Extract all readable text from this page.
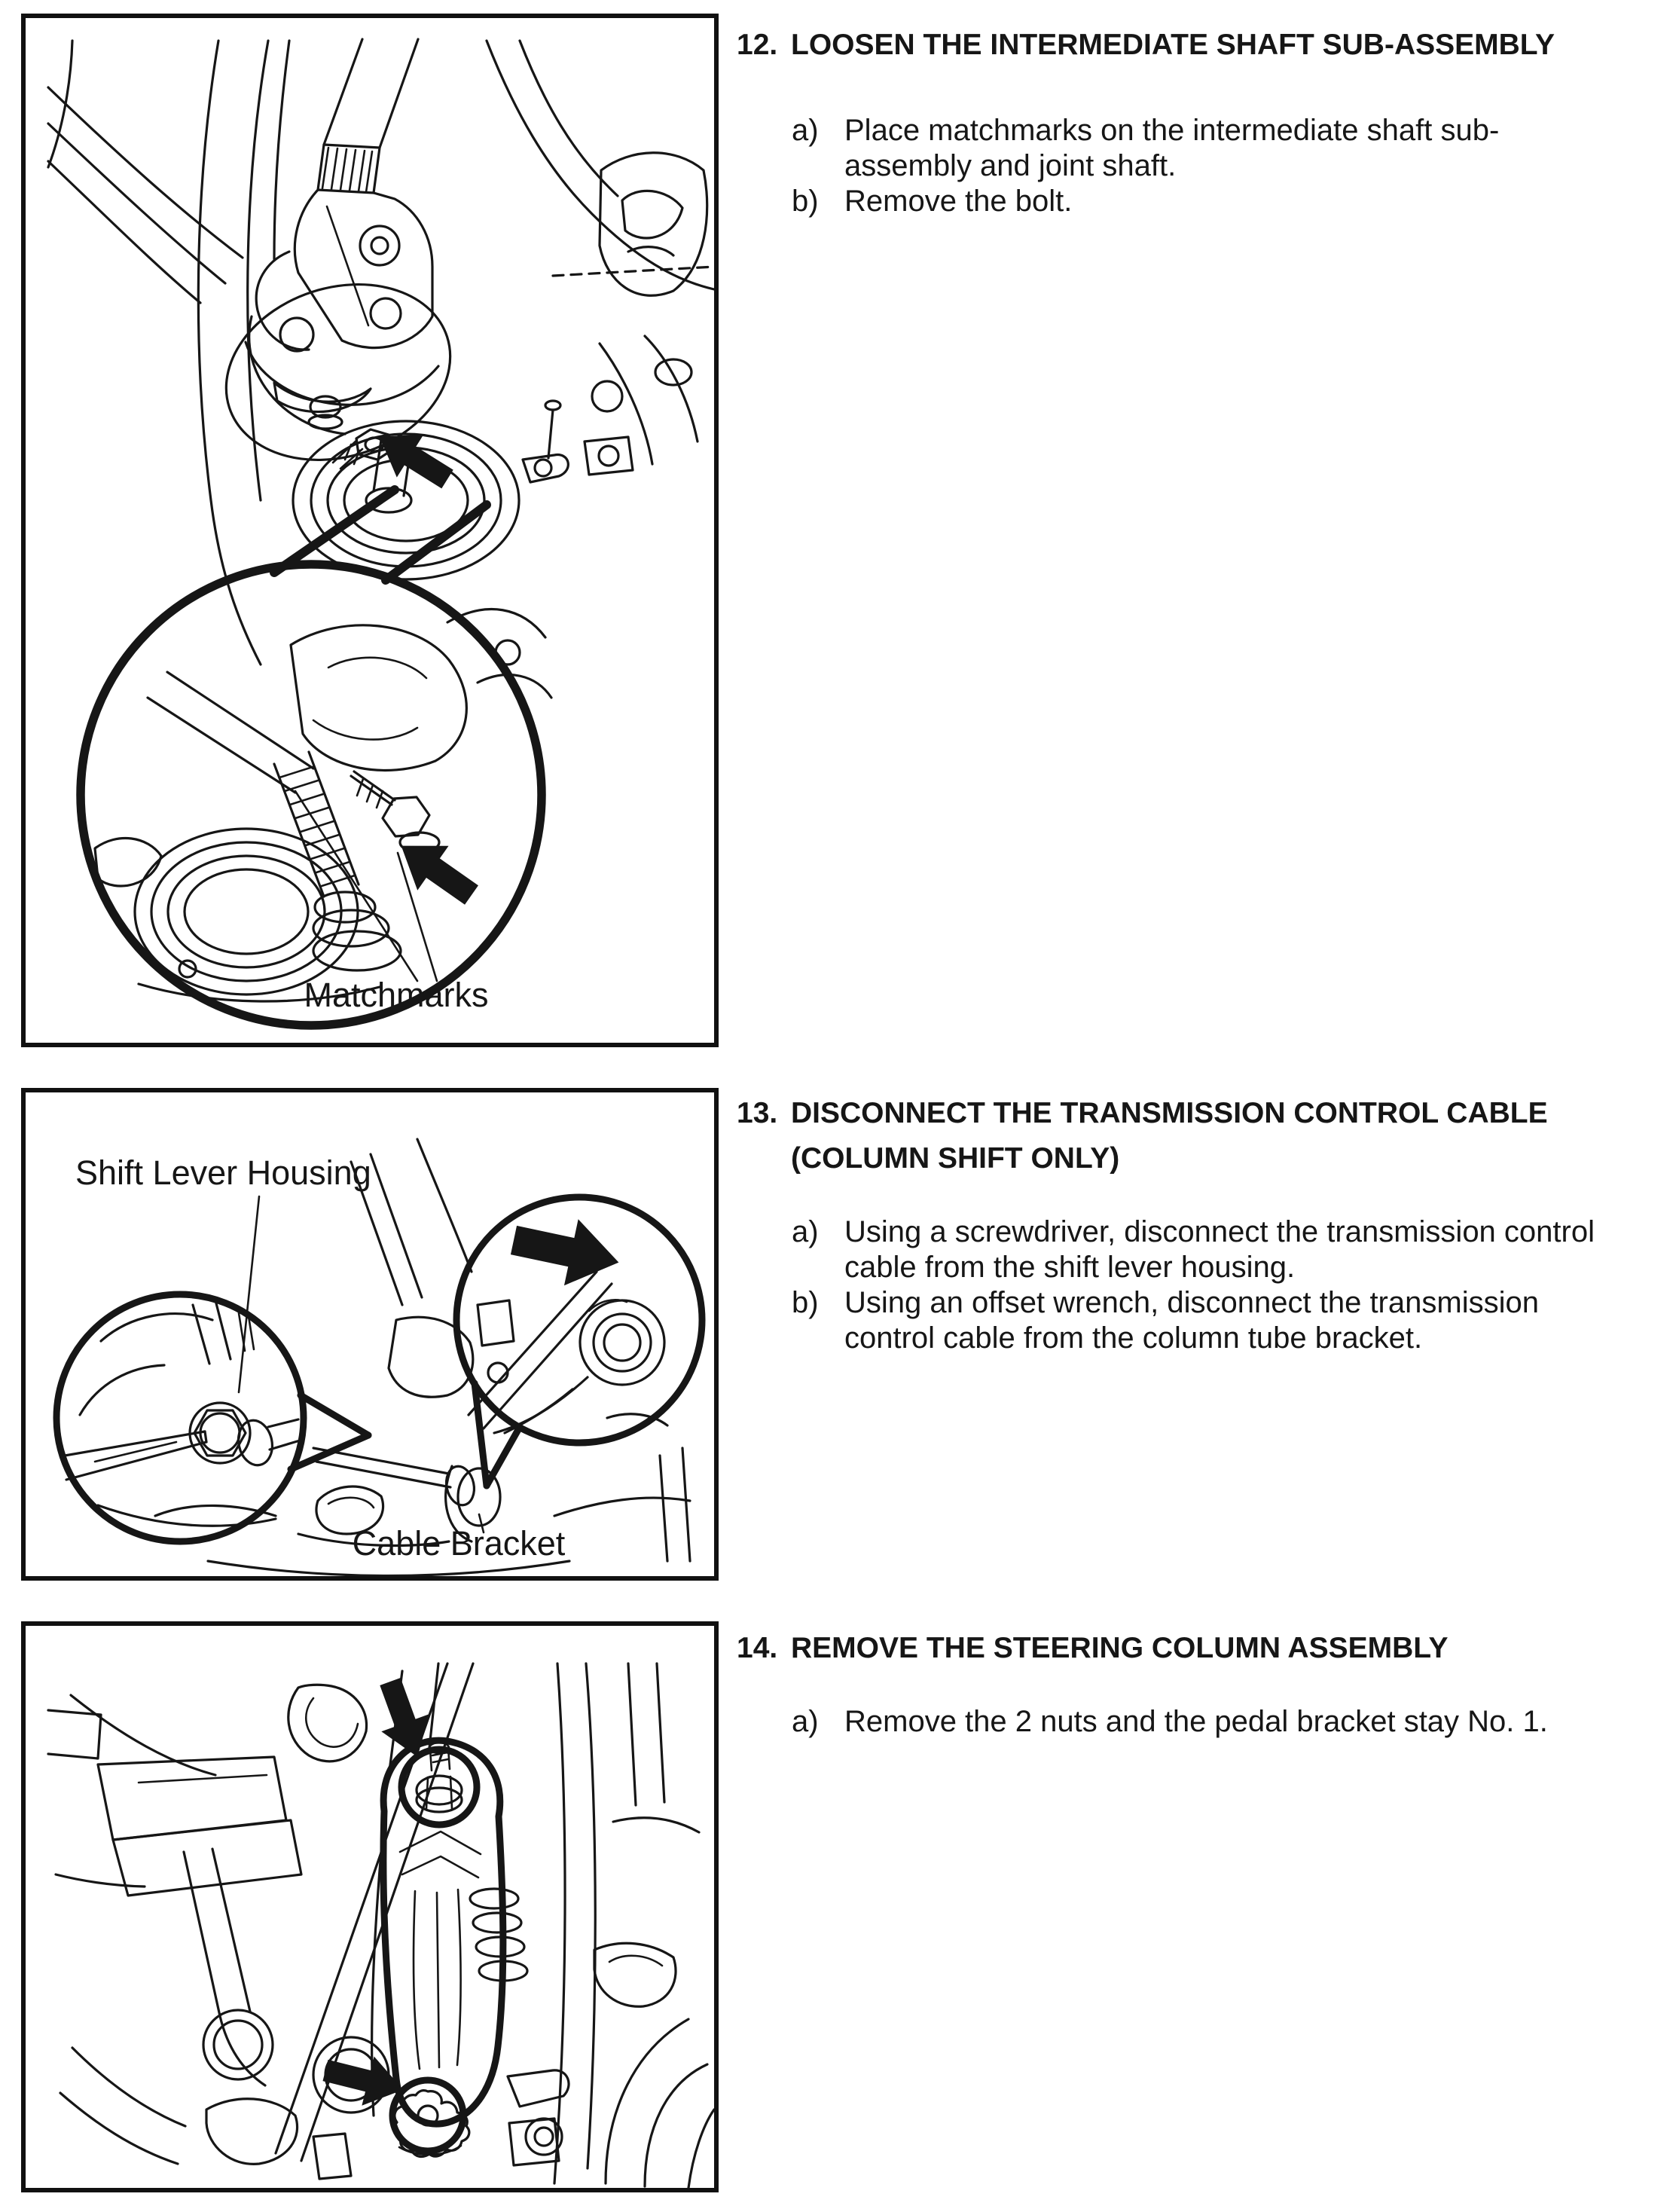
Matchmarks
Shift Lever Housing
Cable Bracket
12. LOOSEN THE INTERMEDIATE SHAFT SUB-ASSEMBLY
a) Place matchmarks on the intermediate shaft sub-
assembly and joint shaft.
b) Remove the bolt.
13. DISCONNECT THE TRANSMISSION CONTROL CABLE
(COLUMN SHIFT ONLY)
a) Using a screwdriver, disconnect the transmission control
cable from the shift lever housing.
b) Using an offset wrench, disconnect the transmission
control cable from the column tube bracket.
14. REMOVE THE STEERING COLUMN ASSEMBLY
a) Remove the 2 nuts and the pedal bracket stay No. 1.
